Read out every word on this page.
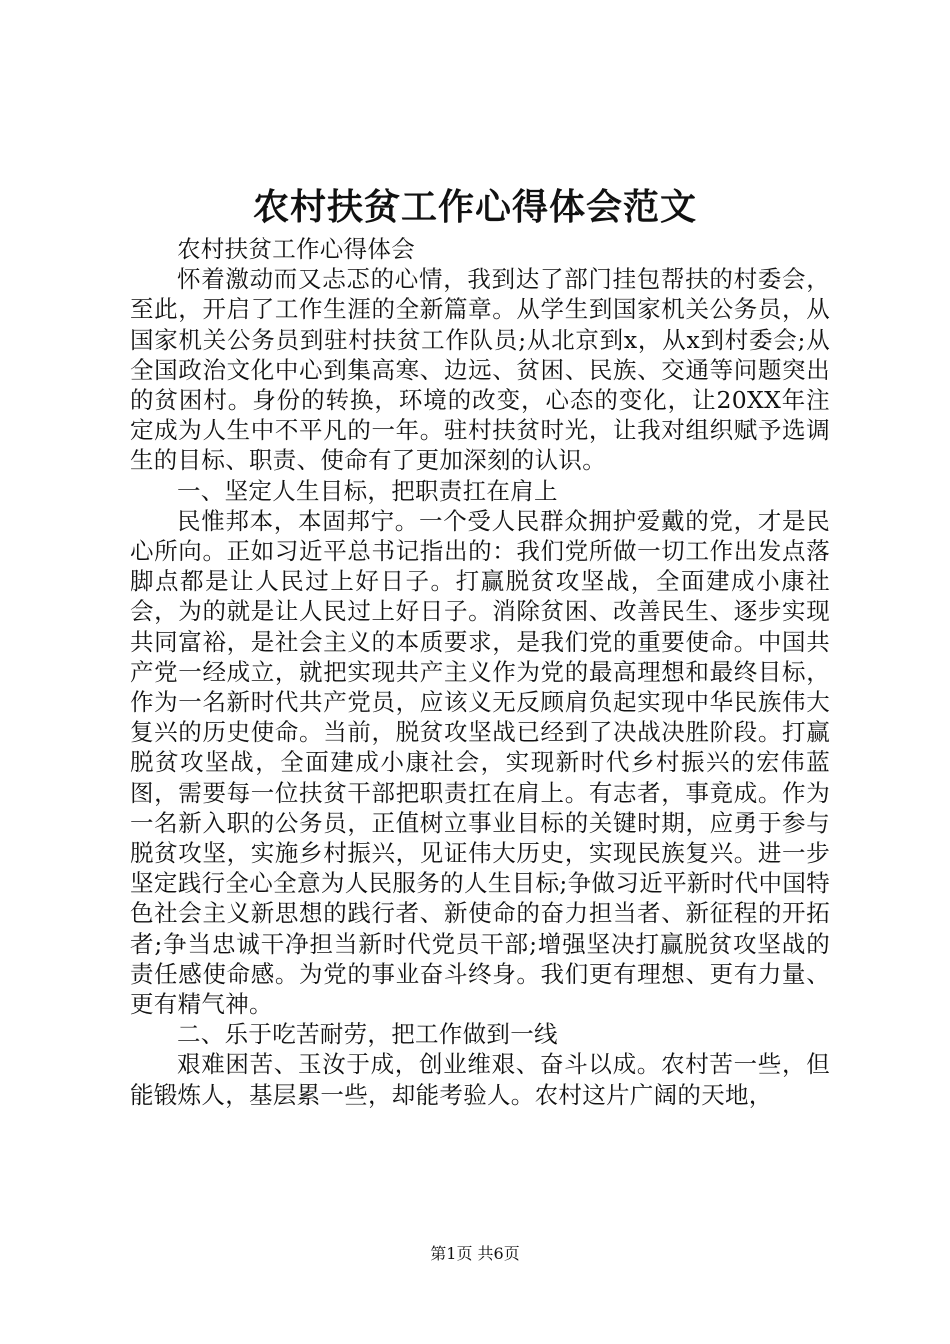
农村扶贫工作心得体会范文

农村扶贫工作心得体会

怀着激动而又忐忑的心情，我到达了部门挂包帮扶的村委会，至此，开启了工作生涯的全新篇章。从学生到国家机关公务员，从国家机关公务员到驻村扶贫工作队员;从北京到x，从x到村委会;从全国政治文化中心到集高寒、边远、贫困、民族、交通等问题突出的贫困村。身份的转换，环境的改变，心态的变化，让20XX年注定成为人生中不平凡的一年。驻村扶贫时光，让我对组织赋予选调生的目标、职责、使命有了更加深刻的认识。

一、坚定人生目标，把职责扛在肩上

民惟邦本，本固邦宁。一个受人民群众拥护爱戴的党，才是民心所向。正如习近平总书记指出的：我们党所做一切工作出发点落脚点都是让人民过上好日子。打赢脱贫攻坚战，全面建成小康社会，为的就是让人民过上好日子。消除贫困、改善民生、逐步实现共同富裕，是社会主义的本质要求，是我们党的重要使命。中国共产党一经成立，就把实现共产主义作为党的最高理想和最终目标，作为一名新时代共产党员，应该义无反顾肩负起实现中华民族伟大复兴的历史使命。当前，脱贫攻坚战已经到了决战决胜阶段。打赢脱贫攻坚战，全面建成小康社会，实现新时代乡村振兴的宏伟蓝图，需要每一位扶贫干部把职责扛在肩上。有志者，事竟成。作为一名新入职的公务员，正值树立事业目标的关键时期，应勇于参与脱贫攻坚，实施乡村振兴，见证伟大历史，实现民族复兴。进一步坚定践行全心全意为人民服务的人生目标;争做习近平新时代中国特色社会主义新思想的践行者、新使命的奋力担当者、新征程的开拓者;争当忠诚干净担当新时代党员干部;增强坚决打赢脱贫攻坚战的责任感使命感。为党的事业奋斗终身。我们更有理想、更有力量、更有精气神。

二、乐于吃苦耐劳，把工作做到一线

艰难困苦、玉汝于成，创业维艰、奋斗以成。农村苦一些，但能锻炼人，基层累一些，却能考验人。农村这片广阔的天地，

第1页 共6页
